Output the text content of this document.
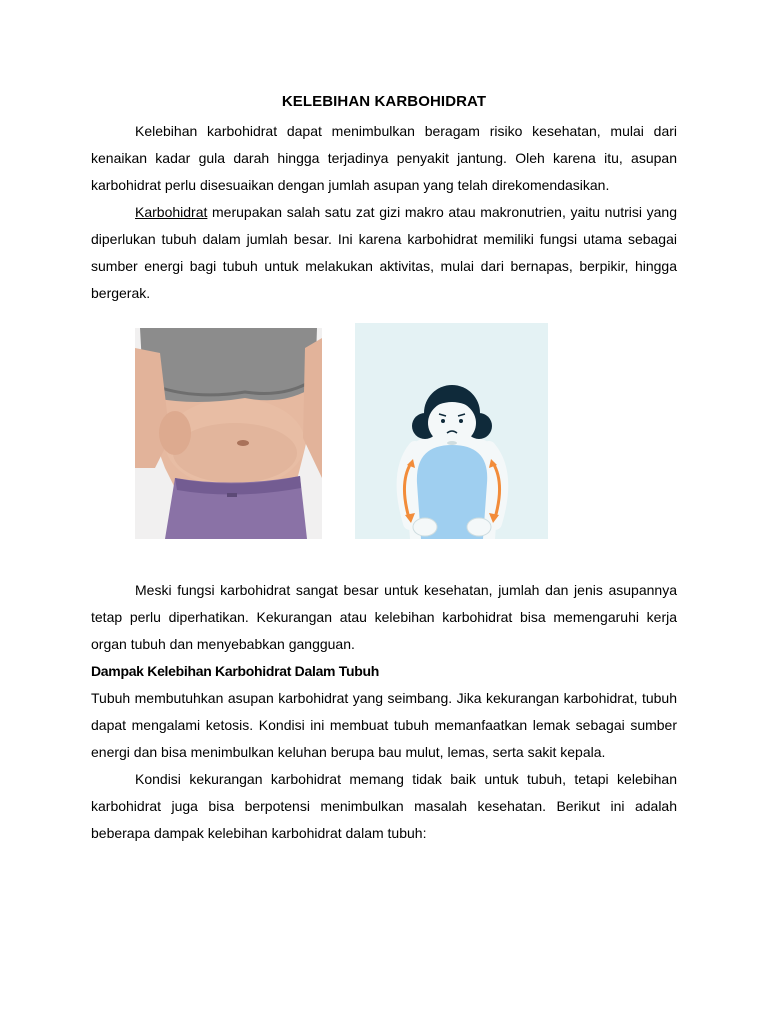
KELEBIHAN KARBOHIDRAT

Kelebihan karbohidrat dapat menimbulkan beragam risiko kesehatan, mulai dari kenaikan kadar gula darah hingga terjadinya penyakit jantung. Oleh karena itu, asupan karbohidrat perlu disesuaikan dengan jumlah asupan yang telah direkomendasikan.

Karbohidrat merupakan salah satu zat gizi makro atau makronutrien, yaitu nutrisi yang diperlukan tubuh dalam jumlah besar. Ini karena karbohidrat memiliki fungsi utama sebagai sumber energi bagi tubuh untuk melakukan aktivitas, mulai dari bernapas, berpikir, hingga bergerak.

Meski fungsi karbohidrat sangat besar untuk kesehatan, jumlah dan jenis asupannya tetap perlu diperhatikan. Kekurangan atau kelebihan karbohidrat bisa memengaruhi kerja organ tubuh dan menyebabkan gangguan.

Dampak Kelebihan Karbohidrat Dalam Tubuh

Tubuh membutuhkan asupan karbohidrat yang seimbang. Jika kekurangan karbohidrat, tubuh dapat mengalami ketosis. Kondisi ini membuat tubuh memanfaatkan lemak sebagai sumber energi dan bisa menimbulkan keluhan berupa bau mulut, lemas, serta sakit kepala.

Kondisi kekurangan karbohidrat memang tidak baik untuk tubuh, tetapi kelebihan karbohidrat juga bisa berpotensi menimbulkan masalah kesehatan. Berikut ini adalah beberapa dampak kelebihan karbohidrat dalam tubuh:
